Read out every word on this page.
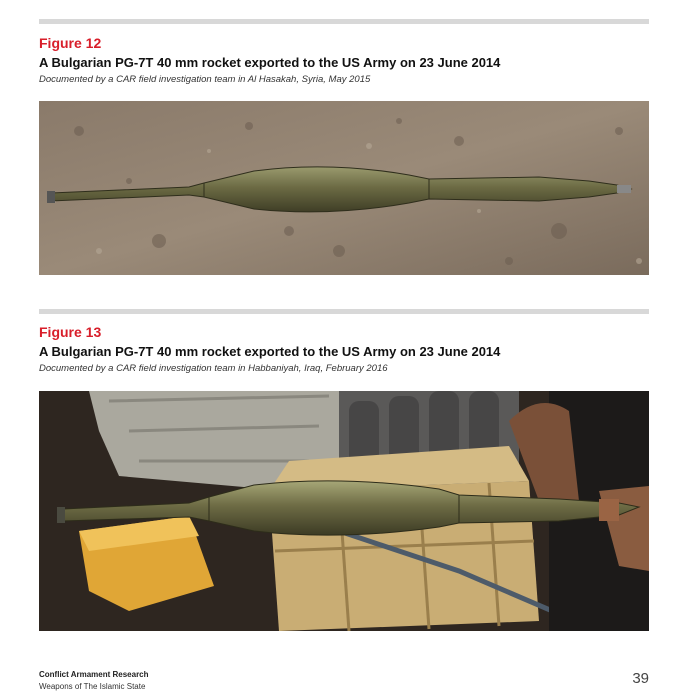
Figure 12
A Bulgarian PG-7T 40 mm rocket exported to the US Army on 23 June 2014
Documented by a CAR field investigation team in Al Hasakah, Syria, May 2015
Figure 13
A Bulgarian PG-7T 40 mm rocket exported to the US Army on 23 June 2014
Documented by a CAR field investigation team in Habbaniyah, Iraq, February 2016
Conflict Armament Research
Weapons of The Islamic State	39
